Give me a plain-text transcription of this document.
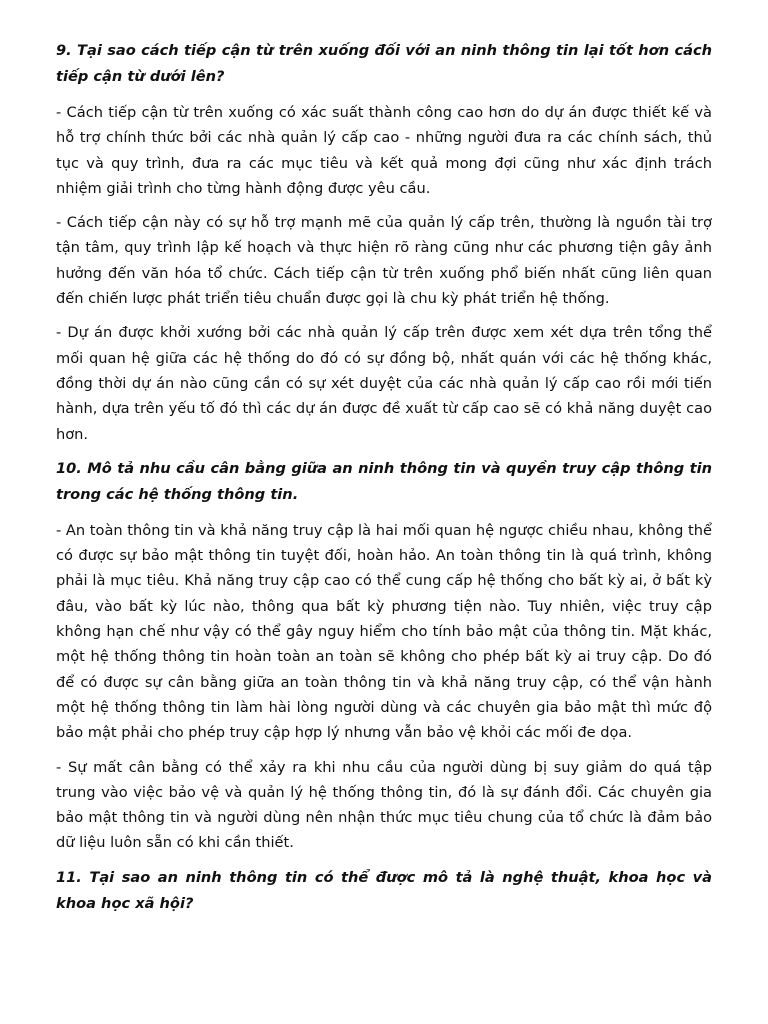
9. Tại sao cách tiếp cận từ trên xuống đối với an ninh thông tin lại tốt hơn cách tiếp cận từ dưới lên?

- Cách tiếp cận từ trên xuống có xác suất thành công cao hơn do dự án được thiết kế và hỗ trợ chính thức bởi các nhà quản lý cấp cao - những người đưa ra các chính sách, thủ tục và quy trình, đưa ra các mục tiêu và kết quả mong đợi cũng như xác định trách nhiệm giải trình cho từng hành động được yêu cầu.

- Cách tiếp cận này có sự hỗ trợ mạnh mẽ của quản lý cấp trên, thường là nguồn tài trợ tận tâm, quy trình lập kế hoạch và thực hiện rõ ràng cũng như các phương tiện gây ảnh hưởng đến văn hóa tổ chức. Cách tiếp cận từ trên xuống phổ biến nhất cũng liên quan đến chiến lược phát triển tiêu chuẩn được gọi là chu kỳ phát triển hệ thống.

- Dự án được khởi xướng bởi các nhà quản lý cấp trên được xem xét dựa trên tổng thể mối quan hệ giữa các hệ thống do đó có sự đồng bộ, nhất quán với các hệ thống khác, đồng thời dự án nào cũng cần có sự xét duyệt của các nhà quản lý cấp cao rồi mới tiến hành, dựa trên yếu tố đó thì các dự án được đề xuất từ cấp cao sẽ có khả năng duyệt cao hơn.

10. Mô tả nhu cầu cân bằng giữa an ninh thông tin và quyền truy cập thông tin trong các hệ thống thông tin.

- An toàn thông tin và khả năng truy cập là hai mối quan hệ ngược chiều nhau, không thể có được sự bảo mật thông tin tuyệt đối, hoàn hảo. An toàn thông tin là quá trình, không phải là mục tiêu. Khả năng truy cập cao có thể cung cấp hệ thống cho bất kỳ ai, ở bất kỳ đâu, vào bất kỳ lúc nào, thông qua bất kỳ phương tiện nào. Tuy nhiên, việc truy cập không hạn chế như vậy có thể gây nguy hiểm cho tính bảo mật của thông tin. Mặt khác, một hệ thống thông tin hoàn toàn an toàn sẽ không cho phép bất kỳ ai truy cập. Do đó để có được sự cân bằng giữa an toàn thông tin và khả năng truy cập, có thể vận hành một hệ thống thông tin làm hài lòng người dùng và các chuyên gia bảo mật thì mức độ bảo mật phải cho phép truy cập hợp lý nhưng vẫn bảo vệ khỏi các mối đe dọa.

- Sự mất cân bằng có thể xảy ra khi nhu cầu của người dùng bị suy giảm do quá tập trung vào việc bảo vệ và quản lý hệ thống thông tin, đó là sự đánh đổi. Các chuyên gia bảo mật thông tin và người dùng nên nhận thức mục tiêu chung của tổ chức là đảm bảo dữ liệu luôn sẵn có khi cần thiết.

11. Tại sao an ninh thông tin có thể được mô tả là nghệ thuật, khoa học và khoa học xã hội?
